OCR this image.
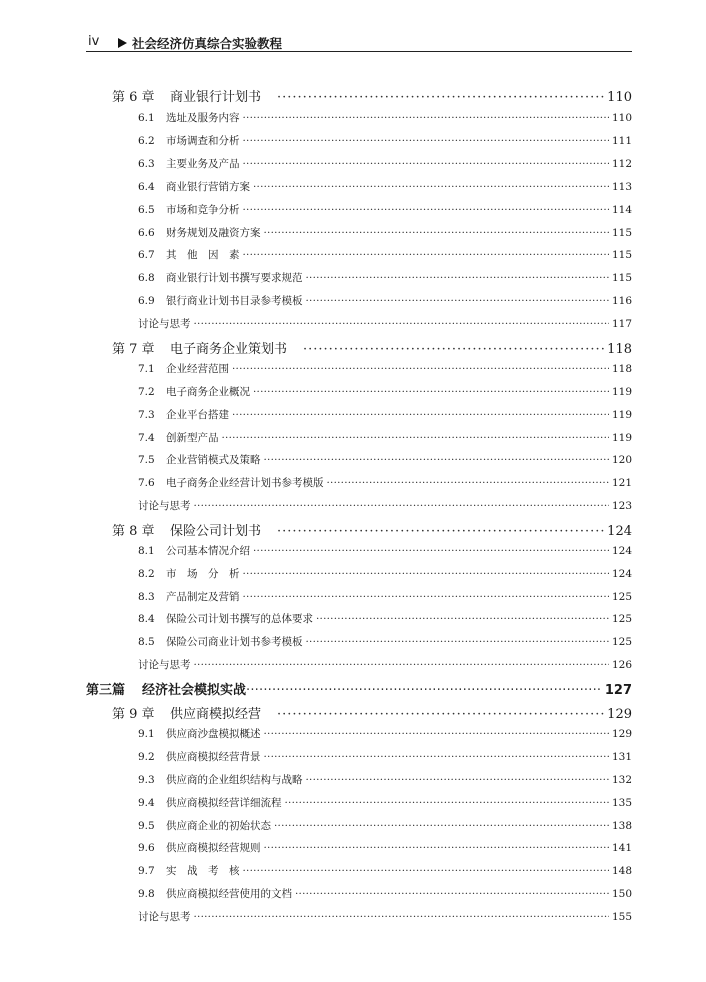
iv	社会经济仿真综合实验教程
第 6 章	商业银行计划书 ·····	110
6.1	选址及服务内容 ·····	110
6.2	市场调查和分析 ·····	111
6.3	主要业务及产品 ·····	112
6.4	商业银行营销方案 ·····	113
6.5	市场和竞争分析 ·····	114
6.6	财务规划及融资方案 ·····	115
6.7	其　他　因　素 ·····	115
6.8	商业银行计划书撰写要求规范 ·····	115
6.9	银行商业计划书目录参考模板 ·····	116
讨论与思考 ·····	117
第 7 章	电子商务企业策划书 ·····	118
7.1	企业经营范围 ·····	118
7.2	电子商务企业概况 ·····	119
7.3	企业平台搭建 ·····	119
7.4	创新型产品 ·····	119
7.5	企业营销模式及策略 ·····	120
7.6	电子商务企业经营计划书参考模版 ·····	121
讨论与思考 ·····	123
第 8 章	保险公司计划书 ·····	124
8.1	公司基本情况介绍 ·····	124
8.2	市　场　分　析 ·····	124
8.3	产品制定及营销 ·····	125
8.4	保险公司计划书撰写的总体要求 ·····	125
8.5	保险公司商业计划书参考模板 ·····	125
讨论与思考 ·····	126
第三篇	经济社会模拟实战 ·····	127
第 9 章	供应商模拟经营 ·····	129
9.1	供应商沙盘模拟概述 ·····	129
9.2	供应商模拟经营背景 ·····	131
9.3	供应商的企业组织结构与战略 ·····	132
9.4	供应商模拟经营详细流程 ·····	135
9.5	供应商企业的初始状态 ·····	138
9.6	供应商模拟经营规则 ·····	141
9.7	实　战　考　核 ·····	148
9.8	供应商模拟经营使用的文档 ·····	150
讨论与思考 ·····	155
